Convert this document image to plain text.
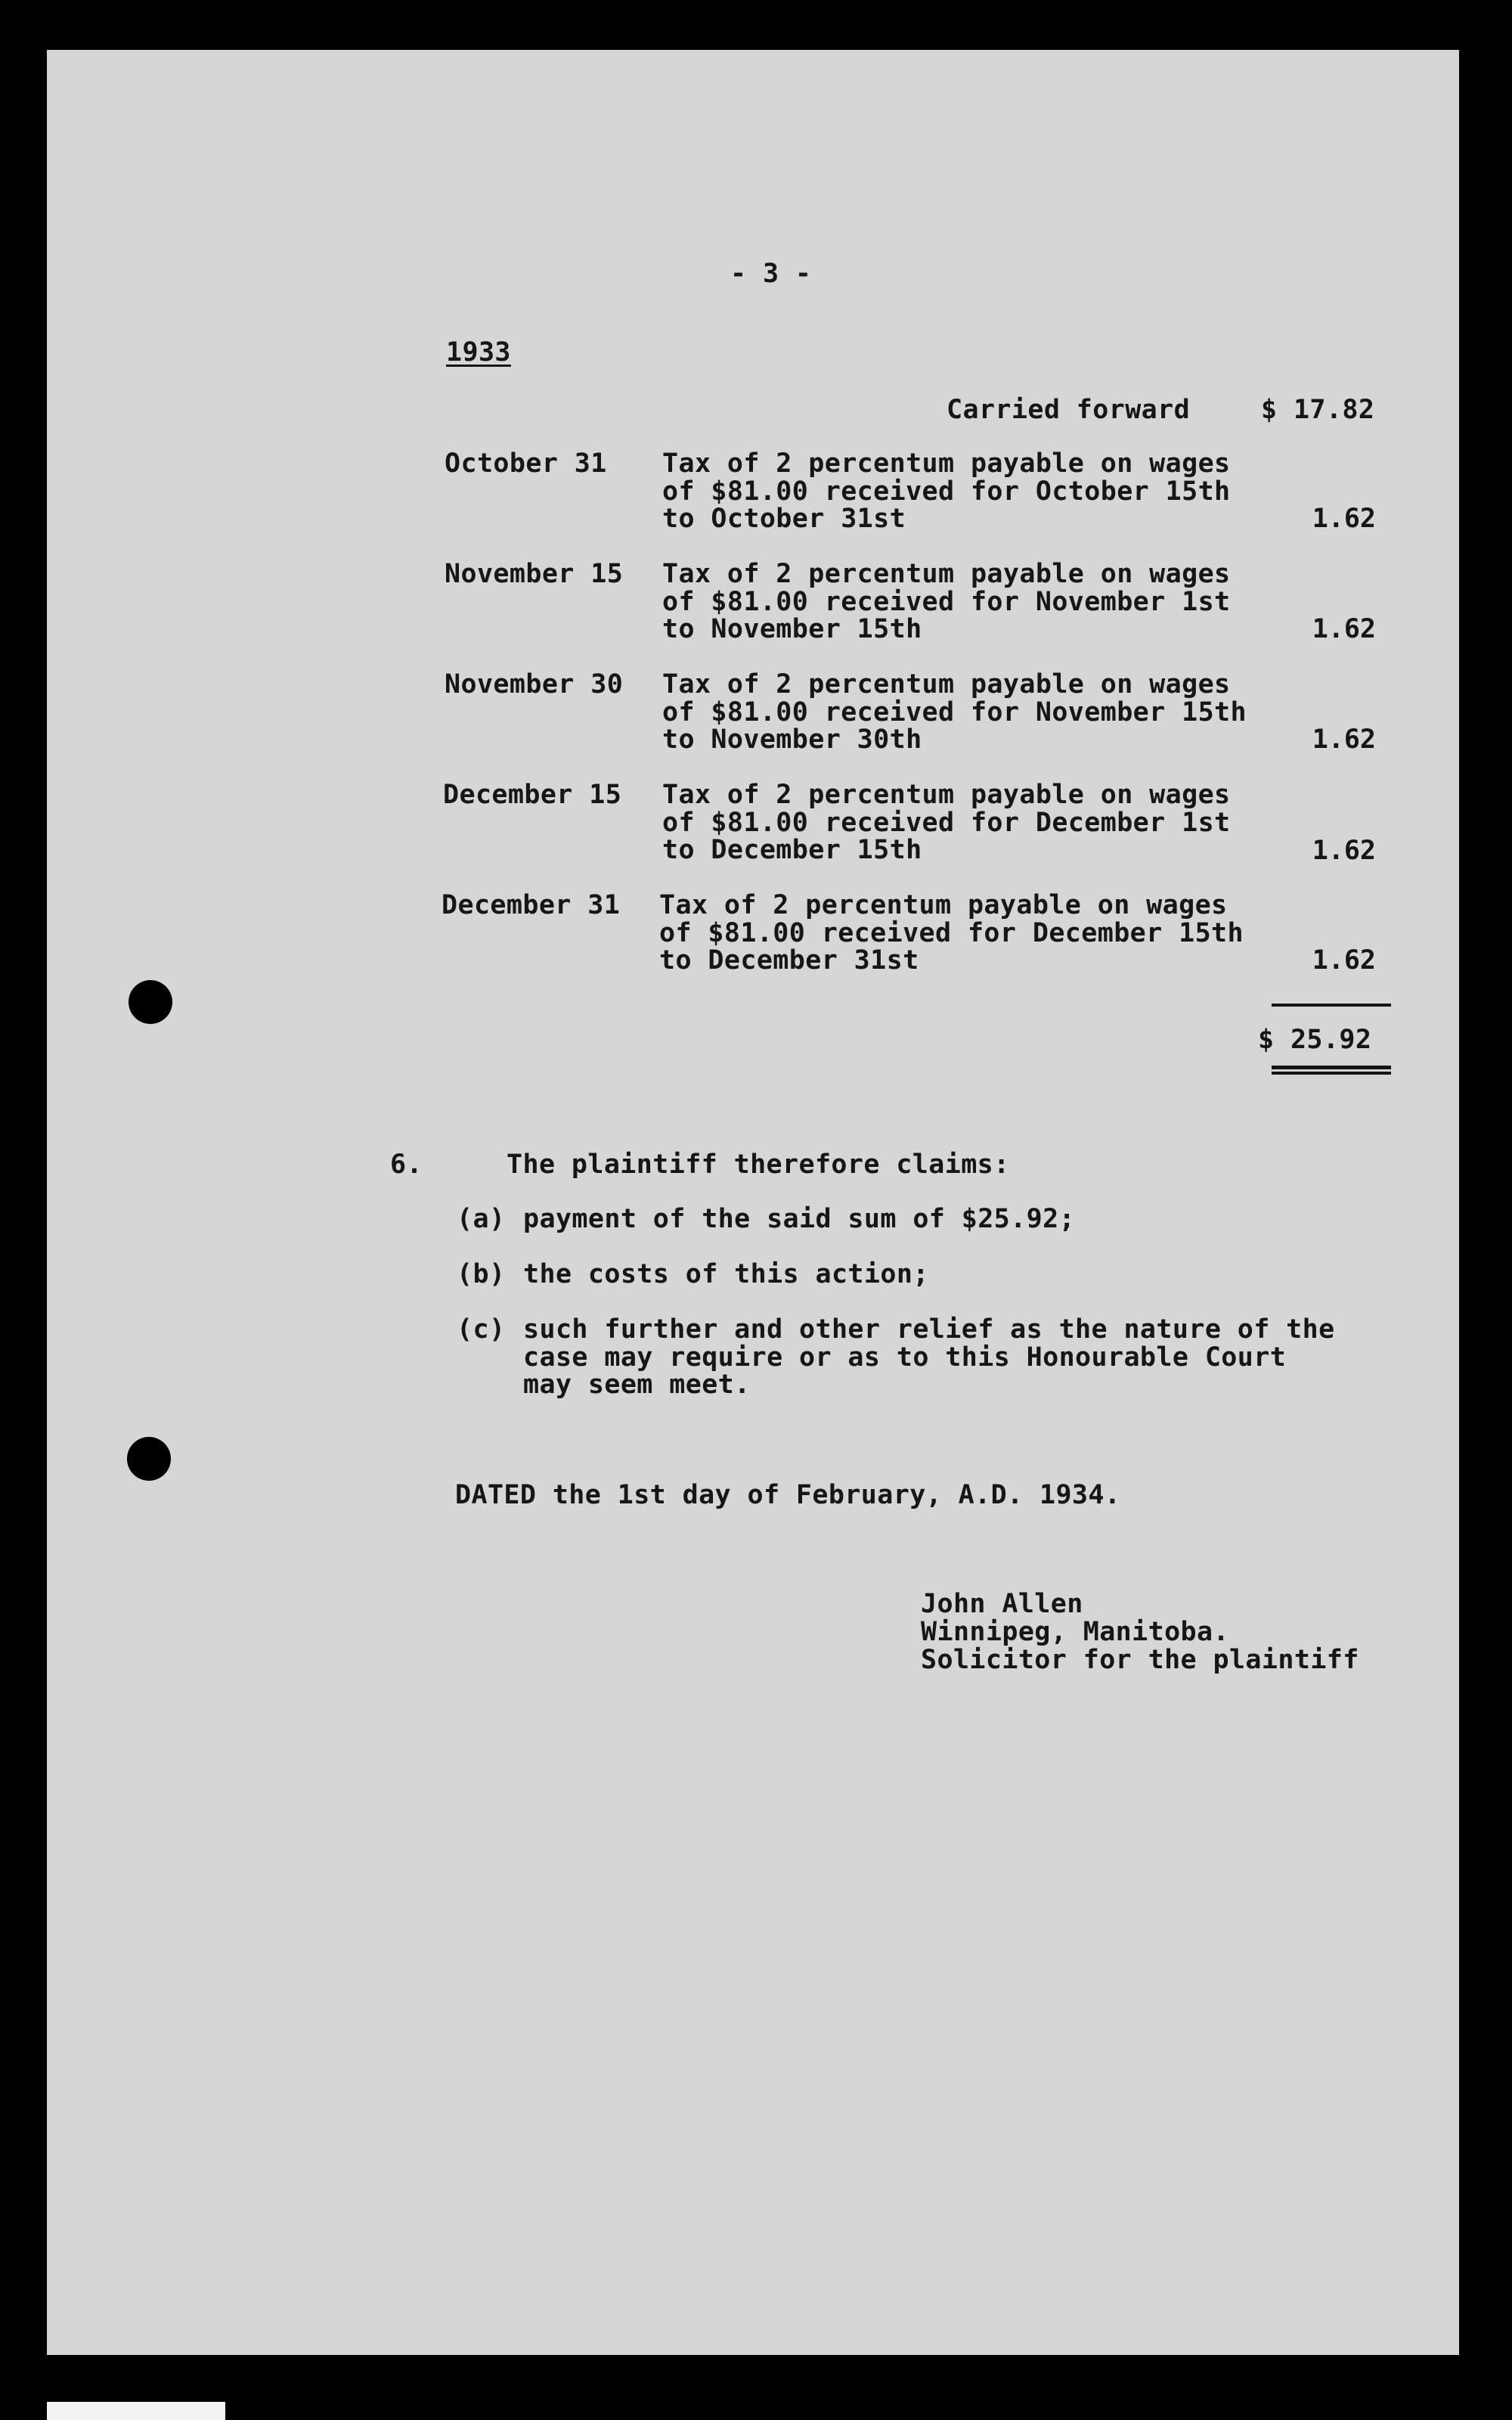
- 3 -
1933
Carried forward	$ 17.82
October 31 Tax of 2 percentum payable on wages
of $81.00 received for October 15th
to October 31st	1.62
November 15 Tax of 2 percentum payable on wages
of $81.00 received for November 1st
to November 15th	1.62
November 30 Tax of 2 percentum payable on wages
of $81.00 received for November 15th
to November 30th	1.62
December 15 Tax of 2 percentum payable on wages
of $81.00 received for December 1st
to December 15th	1.62
December 31 Tax of 2 percentum payable on wages
of $81.00 received for December 15th
to December 31st	1.62
$ 25.92
6.	The plaintiff therefore claims:
(a) payment of the said sum of $25.92;
(b) the costs of this action;
(c) such further and other relief as the nature of the
case may require or as to this Honourable Court
may seem meet.
DATED the 1st day of February, A.D. 1934.
John Allen
Winnipeg, Manitoba.
Solicitor for the plaintiff
